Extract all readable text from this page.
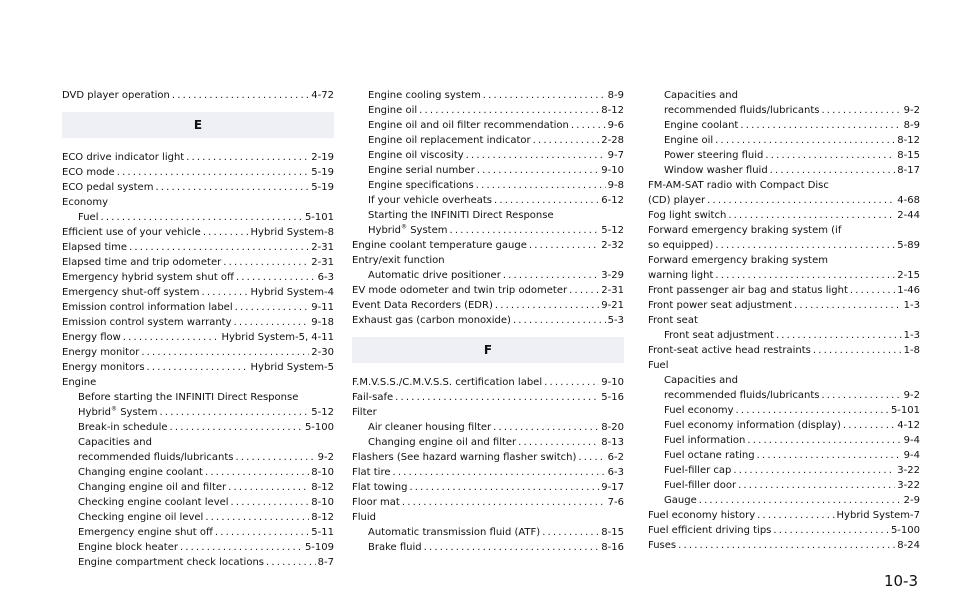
DVD player operation . . .	4-72
E
ECO drive indicator light . . .	2-19
ECO mode . . .	5-19
ECO pedal system . . .	5-19
Economy
Fuel . . .	5-101
Efficient use of your vehicle . . .	Hybrid System-8
Elapsed time . . .	2-31
Elapsed time and trip odometer . . .	2-31
Emergency hybrid system shut off . . .	6-3
Emergency shut-off system . . .	Hybrid System-4
Emission control information label . . .	9-11
Emission control system warranty . . .	9-18
Energy flow . . .	Hybrid System-5, 4-11
Energy monitor . . .	2-30
Energy monitors . . .	Hybrid System-5
Engine
Before starting the INFINITI Direct Response
Hybrid® System . . .	5-12
Break-in schedule . . .	5-100
Capacities and
recommended fluids/lubricants . . .	9-2
Changing engine coolant . . .	8-10
Changing engine oil and filter . . .	8-12
Checking engine coolant level . . .	8-10
Checking engine oil level . . .	8-12
Emergency engine shut off . . .	5-11
Engine block heater . . .	5-109
Engine compartment check locations . . .	8-7
Engine cooling system . . .	8-9
Engine oil . . .	8-12
Engine oil and oil filter recommendation . . .	9-6
Engine oil replacement indicator . . .	2-28
Engine oil viscosity . . .	9-7
Engine serial number . . .	9-10
Engine specifications . . .	9-8
If your vehicle overheats . . .	6-12
Starting the INFINITI Direct Response
Hybrid® System . . .	5-12
Engine coolant temperature gauge . . .	2-32
Entry/exit function
Automatic drive positioner . . .	3-29
EV mode odometer and twin trip odometer . . .	2-31
Event Data Recorders (EDR) . . .	9-21
Exhaust gas (carbon monoxide) . . .	5-3
F
F.M.V.S.S./C.M.V.S.S. certification label . . .	9-10
Fail-safe . . .	5-16
Filter
Air cleaner housing filter . . .	8-20
Changing engine oil and filter . . .	8-13
Flashers (See hazard warning flasher switch) . . .	6-2
Flat tire . . .	6-3
Flat towing . . .	9-17
Floor mat . . .	7-6
Fluid
Automatic transmission fluid (ATF) . . .	8-15
Brake fluid . . .	8-16
Capacities and
recommended fluids/lubricants . . .	9-2
Engine coolant . . .	8-9
Engine oil . . .	8-12
Power steering fluid . . .	8-15
Window washer fluid . . .	8-17
FM-AM-SAT radio with Compact Disc
(CD) player . . .	4-68
Fog light switch . . .	2-44
Forward emergency braking system (if
so equipped) . . .	5-89
Forward emergency braking system
warning light . . .	2-15
Front passenger air bag and status light . . .	1-46
Front power seat adjustment . . .	1-3
Front seat
Front seat adjustment . . .	1-3
Front-seat active head restraints . . .	1-8
Fuel
Capacities and
recommended fluids/lubricants . . .	9-2
Fuel economy . . .	5-101
Fuel economy information (display) . . .	4-12
Fuel information . . .	9-4
Fuel octane rating . . .	9-4
Fuel-filler cap . . .	3-22
Fuel-filler door . . .	3-22
Gauge . . .	2-9
Fuel economy history . . .	Hybrid System-7
Fuel efficient driving tips . . .	5-100
Fuses . . .	8-24
10-3
